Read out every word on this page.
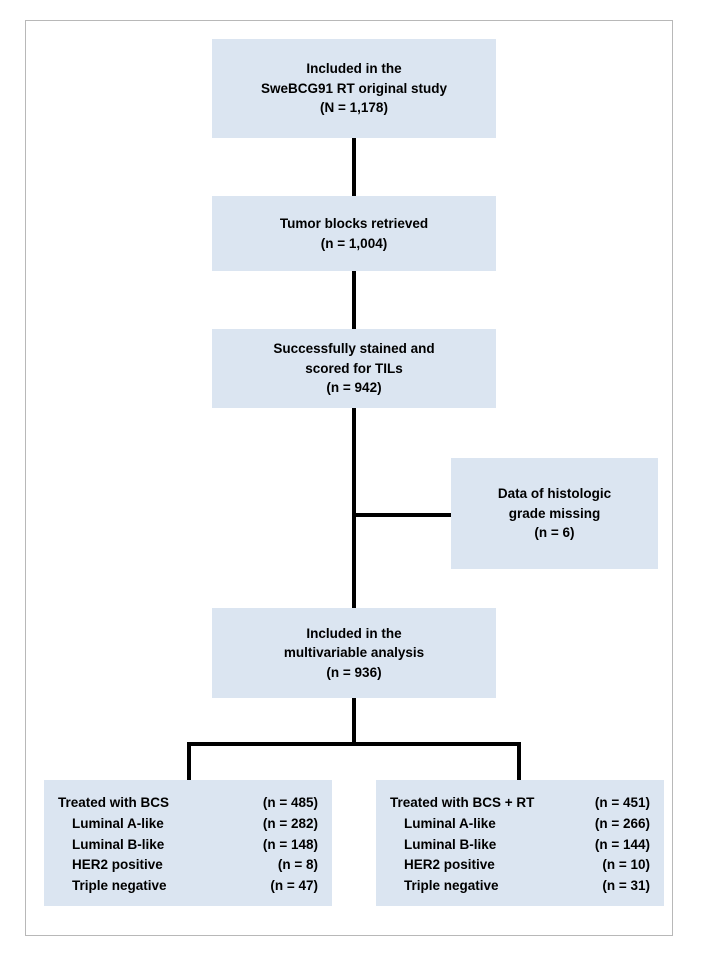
Included in the
SweBCG91 RT original study
(N = 1,178)
Tumor blocks retrieved
(n = 1,004)
Successfully stained and
scored for TILs
(n = 942)
Data of histologic
grade missing
(n = 6)
Included in the
multivariable analysis
(n = 936)
Treated with BCS	(n = 485)
Luminal A-like	(n = 282)
Luminal B-like	(n = 148)
HER2 positive	(n = 8)
Triple negative	(n = 47)
Treated with BCS + RT	(n = 451)
Luminal A-like	(n = 266)
Luminal B-like	(n = 144)
HER2 positive	(n = 10)
Triple negative	(n = 31)
